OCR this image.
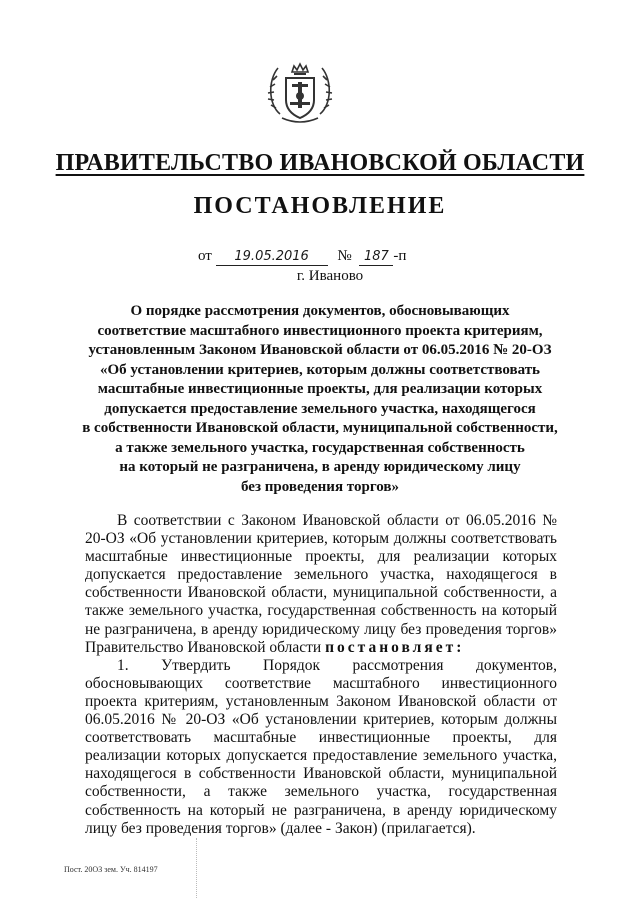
ПРАВИТЕЛЬСТВО ИВАНОВСКОЙ ОБЛАСТИ
ПОСТАНОВЛЕНИЕ
от 19.05.2016 № 187 -п
г. Иваново
О порядке рассмотрения документов, обосновывающих
соответствие масштабного инвестиционного проекта критериям,
установленным Законом Ивановской области от 06.05.2016 № 20-ОЗ
«Об установлении критериев, которым должны соответствовать
масштабные инвестиционные проекты, для реализации которых
допускается предоставление земельного участка, находящегося
в собственности Ивановской области, муниципальной собственности,
а также земельного участка, государственная собственность
на который не разграничена, в аренду юридическому лицу
без проведения торгов»

В соответствии с Законом Ивановской области от 06.05.2016 № 20-ОЗ «Об установлении критериев, которым должны соответствовать масштабные инвестиционные проекты, для реализации которых допускается предоставление земельного участка, находящегося в собственности Ивановской области, муниципальной собственности, а также земельного участка, государственная собственность на который не разграничена, в аренду юридическому лицу без проведения торгов» Правительство Ивановской области постановляет:

1. Утвердить Порядок рассмотрения документов, обосновывающих соответствие масштабного инвестиционного проекта критериям, установленным Законом Ивановской области от 06.05.2016 № 20-ОЗ «Об установлении критериев, которым должны соответствовать масштабные инвестиционные проекты, для реализации которых допускается предоставление земельного участка, находящегося в собственности Ивановской области, муниципальной собственности, а также земельного участка, государственная собственность на который не разграничена, в аренду юридическому лицу без проведения торгов» (далее - Закон) (прилагается).

Пост. 20ОЗ зем. Уч. 814197
